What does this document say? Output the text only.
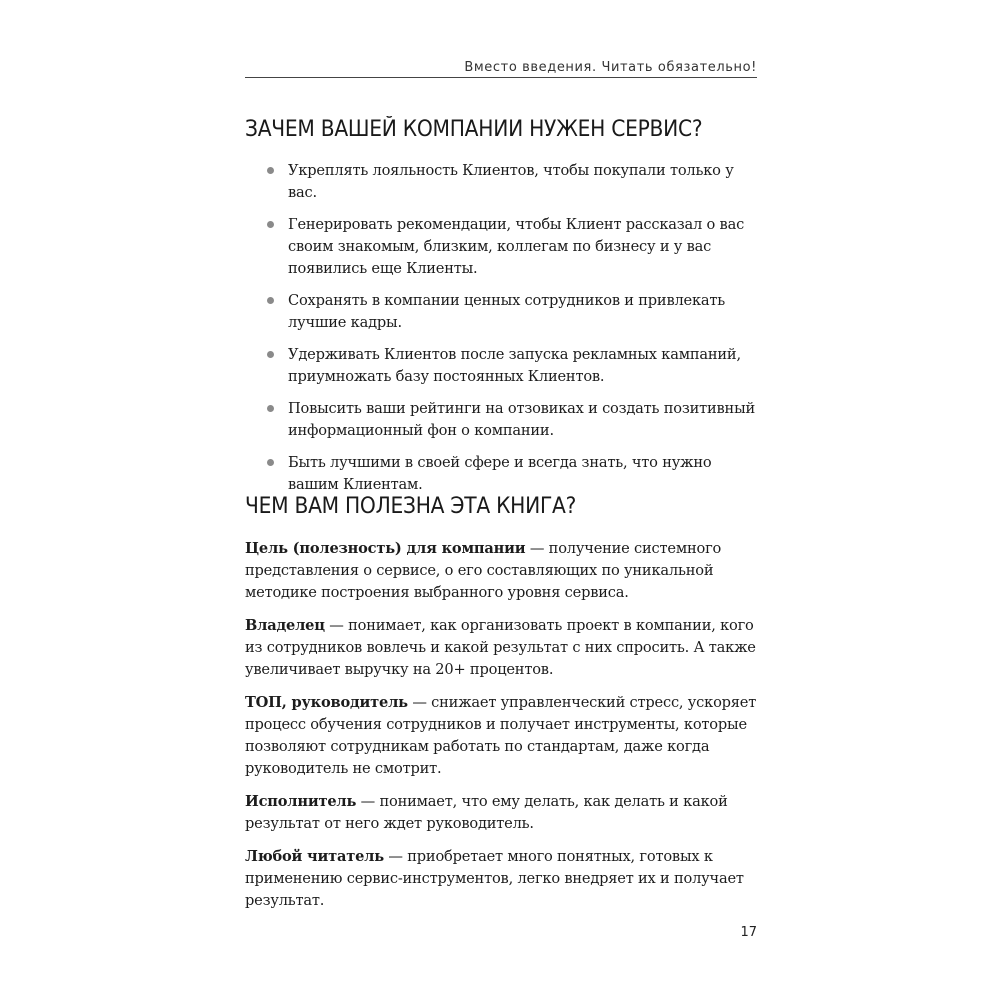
Вместо введения. Читать обязательно!
ЗАЧЕМ ВАШЕЙ КОМПАНИИ НУЖЕН СЕРВИС?
Укреплять лояльность Клиентов, чтобы покупали только у вас.
Генерировать рекомендации, чтобы Клиент рассказал о вас своим знакомым, близким, коллегам по бизнесу и у вас появились еще Клиенты.
Сохранять в компании ценных сотрудников и привлекать лучшие кадры.
Удерживать Клиентов после запуска рекламных кампаний, приумножать базу постоянных Клиентов.
Повысить ваши рейтинги на отзовиках и создать позитивный информационный фон о компании.
Быть лучшими в своей сфере и всегда знать, что нужно вашим Клиентам.
ЧЕМ ВАМ ПОЛЕЗНА ЭТА КНИГА?

Цель (полезность) для компании — получение системного представления о сервисе, о его составляющих по уникальной методике построения выбранного уровня сервиса.

Владелец — понимает, как организовать проект в компании, кого из сотрудников вовлечь и какой результат с них спросить. А также увеличивает выручку на 20+ процентов.

ТОП, руководитель — снижает управленческий стресс, ускоряет процесс обучения сотрудников и получает инструменты, которые позволяют сотрудникам работать по стандартам, даже когда руководитель не смотрит.

Исполнитель — понимает, что ему делать, как делать и какой результат от него ждет руководитель.

Любой читатель — приобретает много понятных, готовых к применению сервис-инструментов, легко внедряет их и получает результат.

17
